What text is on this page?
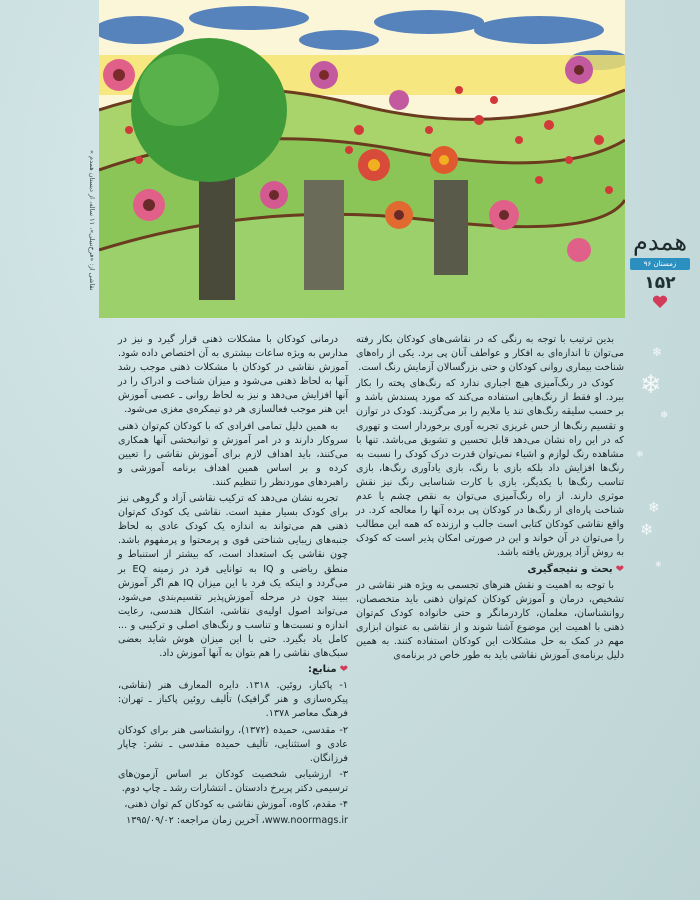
« نقاشی از: «فرخ‌نبیلی»، ۱۱ ساله، از دبستان همدم	همدم
زمستان ۹۶
۱۵۲
❄
❄
❄
❄
❄
❄
❄

بدین ترتیب با توجه به رنگی که در نقاشی‌های کودکان بکار رفته می‌توان تا اندازه‌ای به افکار و عواطف آنان پی برد. یکی از راه‌های شناخت بیماری روانی کودکان و حتی بزرگسالان آزمایش رنگ است.

کودک در رنگ‌آمیزی هیچ اجباری ندارد که رنگ‌های پخته را بکار ببرد. او فقط از رنگ‌هایی استفاده می‌کند که مورد پسندش باشد و بر حسب سلیقه رنگ‌های تند یا ملایم را بر می‌گزیند. کودک در توازن و تقسیم رنگ‌ها از حس غریزی تجربه آوری برخوردار است و تهوری که در این راه نشان می‌دهد قابل تحسین و تشویق می‌باشد. تنها با مشاهده رنگ لوازم و اشیاء نمی‌توان قدرت درک کودک را نسبت به رنگ‌ها افزایش داد بلکه بازی با رنگ، بازی یادآوری رنگ‌ها، بازی تناسب رنگ‌ها با یکدیگر، بازی با کارت شناسایی رنگ نیز نقش موثری دارند. از راه رنگ‌آمیزی می‌توان به نقص چشم یا عدم شناخت پاره‌ای از رنگ‌ها در کودکان پی برده آنها را معالجه کرد. در واقع نقاشی کودکان کتابی است جالب و ارزنده که همه این مطالب را می‌توان در آن خواند و این در صورتی امکان پذیر است که کودک به روش آزاد پرورش یافته باشد.

❤بحث و نتیجه‌گیری

با توجه به اهمیت و نقش هنرهای تجسمی به ویژه هنر نقاشی در تشخیص، درمان و آموزش کودکان کم‌توان ذهنی باید متخصصان، روانشناسان، معلمان، کاردرمانگر و حتی خانواده کودک کم‌توان ذهنی با اهمیت این موضوع آشنا شوند و از نقاشی به عنوان ابزاری مهم در کمک به حل مشکلات این کودکان استفاده کنند. به همین دلیل برنامه‌ی آموزش نقاشی باید به طور خاص در برنامه‌ی

درمانی کودکان با مشکلات ذهنی قرار گیرد و نیز در مدارس به ویژه ساعات بیشتری به آن اختصاص داده شود. آموزش نقاشی در کودکان با مشکلات ذهنی موجب رشد آنها به لحاظ ذهنی می‌شود و میزان شناخت و ادراک را در آنها افزایش می‌دهد و نیز به لحاظ روانی ـ عصبی آموزش این هنر موجب فعالسازی هر دو نیمکره‌ی مغزی می‌شود.

به همین دلیل تمامی افرادی که با کودکان کم‌توان ذهنی سروکار دارند و در امر آموزش و توانبخشی آنها همکاری می‌کنند، باید اهداف لازم برای آموزش نقاشی را تعیین کرده و بر اساس همین اهداف برنامه آموزشی و راهبردهای موردنظر را تنظیم کنند.

تجربه نشان می‌دهد که ترکیب نقاشی آزاد و گروهی نیز برای کودک بسیار مفید است. نقاشی یک کودک کم‌توان ذهنی هم می‌تواند به اندازه یک کودک عادی به لحاظ جنبه‌های زیبایی شناختی قوی و پرمحتوا و پرمفهوم باشد. چون نقاشی یک استعداد است، که بیشتر از استنباط و منطق ریاضی و IQ به توانایی فرد در زمینه EQ بر می‌گردد و اینکه یک فرد با این میزان IQ هم اگر آموزش ببیند چون در مرحله آموزش‌پذیر تقسیم‌بندی می‌شود، می‌تواند اصول اولیه‌ی نقاشی، اشکال هندسی، رعایت اندازه و نسبت‌ها و تناسب و رنگ‌های اصلی و ترکیبی و ... کامل یاد بگیرد. حتی با این میزان هوش شاید بعضی سبک‌های نقاشی را هم بتوان به آنها آموزش داد.

❤منابع:

۱- پاکباز، روئین. ۱۳۱۸. دایره المعارف هنر (نقاشی، پیکره‌سازی و هنر گرافیک) تألیف روئین پاکباز ـ تهران: فرهنگ معاصر ۱۳۷۸.

۲- مقدسی، حمیده (۱۳۷۲)، روانشناسی هنر برای کودکان عادی و استثنایی، تألیف حمیده مقدسی ـ نشر: چاپار فرزانگان.

۳- ارزشیابی شخصیت کودکان بر اساس آزمون‌های ترسیمی دکتر پریرخ دادستان ـ انتشارات رشد ـ چاپ دوم.

۴- مقدم، کاوه، آموزش نقاشی به کودکان کم توان ذهنی،

www.noormags.ir، آخرین زمان مراجعه: ۱۳۹۵/۰۹/۰۲
